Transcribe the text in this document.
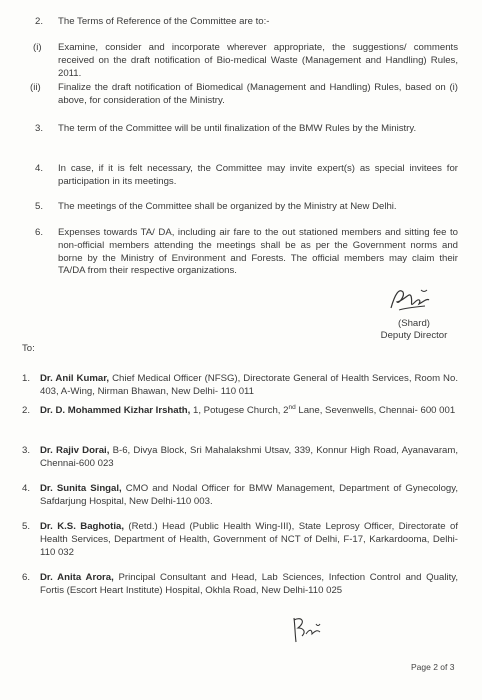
2. The Terms of Reference of the Committee are to:-
(i) Examine, consider and incorporate wherever appropriate, the suggestions/ comments received on the draft notification of Bio-medical Waste (Management and Handling) Rules, 2011.
(ii) Finalize the draft notification of Biomedical (Management and Handling) Rules, based on (i) above, for consideration of the Ministry.
3. The term of the Committee will be until finalization of the BMW Rules by the Ministry.
4. In case, if it is felt necessary, the Committee may invite expert(s) as special invitees for participation in its meetings.
5. The meetings of the Committee shall be organized by the Ministry at New Delhi.
6. Expenses towards TA/ DA, including air fare to the out stationed members and sitting fee to non-official members attending the meetings shall be as per the Government norms and borne by the Ministry of Environment and Forests. The official members may claim their TA/DA from their respective organizations.
(Shard)
Deputy Director
To:
1. Dr. Anil Kumar, Chief Medical Officer (NFSG), Directorate General of Health Services, Room No. 403, A-Wing, Nirman Bhawan, New Delhi- 110 011
2. Dr. D. Mohammed Kizhar Irshath, 1, Potugese Church, 2nd Lane, Sevenwells, Chennai- 600 001
3. Dr. Rajiv Dorai, B-6, Divya Block, Sri Mahalakshmi Utsav, 339, Konnur High Road, Ayanavaram, Chennai-600 023
4. Dr. Sunita Singal, CMO and Nodal Officer for BMW Management, Department of Gynecology, Safdarjung Hospital, New Delhi-110 003.
5. Dr. K.S. Baghotia, (Retd.) Head (Public Health Wing-III), State Leprosy Officer, Directorate of Health Services, Department of Health, Government of NCT of Delhi, F-17, Karkardooma, Delhi- 110 032
6. Dr. Anita Arora, Principal Consultant and Head, Lab Sciences, Infection Control and Quality, Fortis (Escort Heart Institute) Hospital, Okhla Road, New Delhi-110 025
Page 2 of 3
